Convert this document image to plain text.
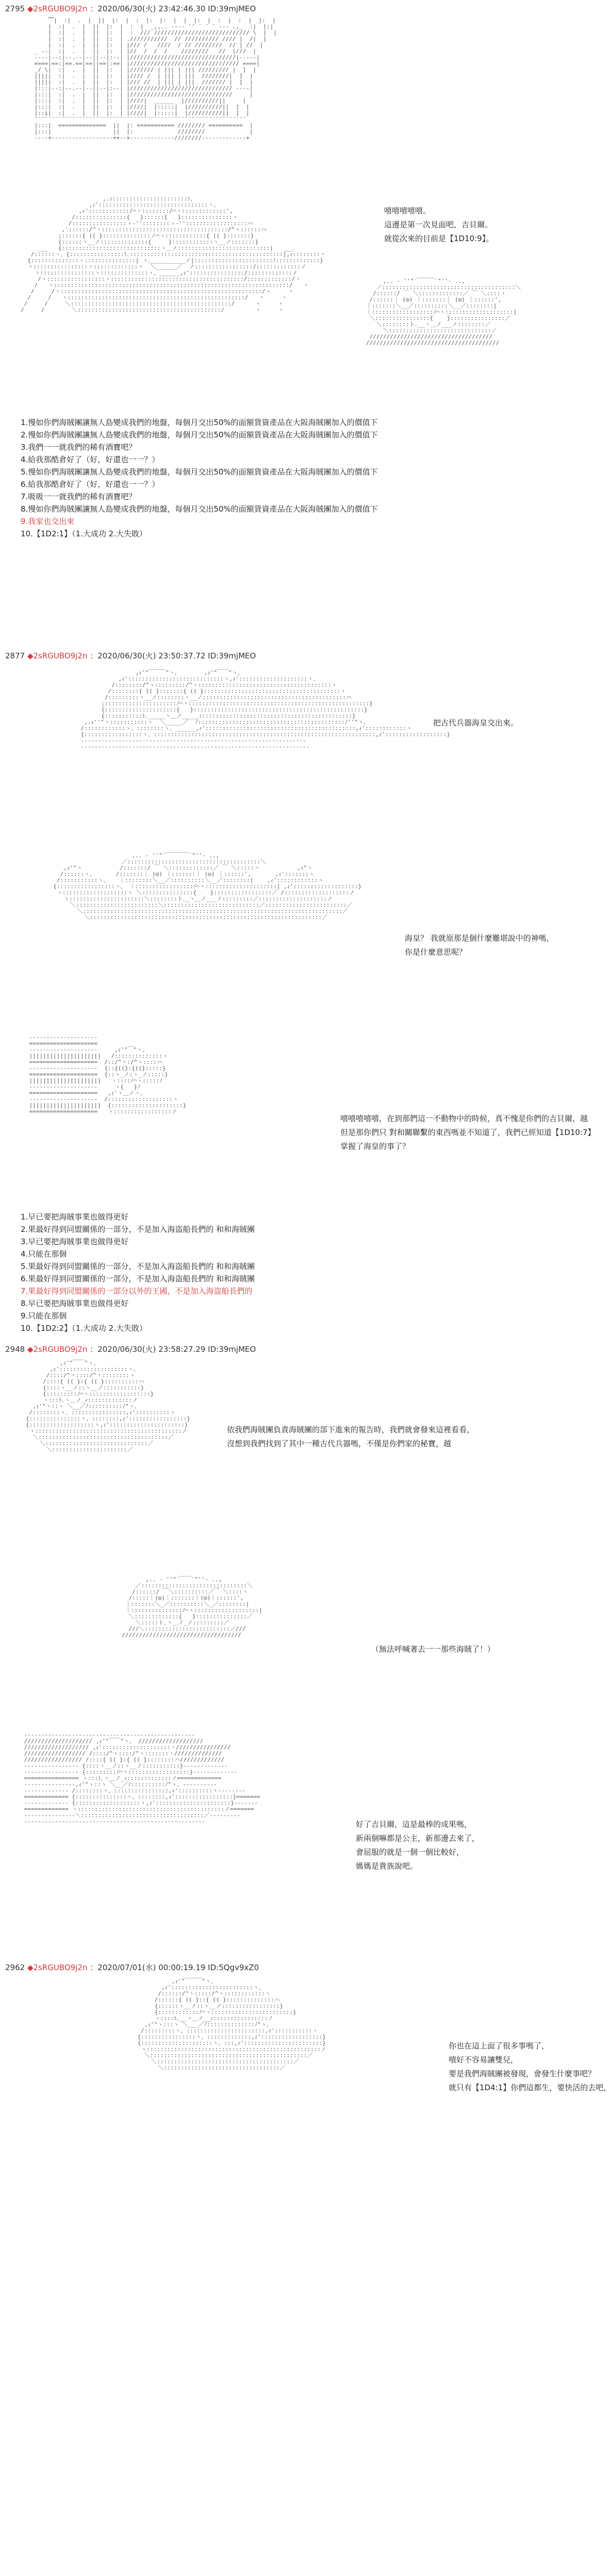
2795 ◆2sRGUBO9j2n ：2020/06/30(火) 23:42:46.30 ID:39mjMEO
⎺|  :|  .  |  ||  |:  |  :  |:  |:  |  |  |:  |  :  |  :  |  |:  |
|  :|  .  |  ||  |:  |  :  |  _,,.. --‐‐ '' ¨ ¨ ¨ ‐‐- .,_  :|  |:|
|  :|  .  |  ||  |:  |  :  /// //////////////////////////// \  |  |
|  :|  .  |  ||  |:  | .///////////  // ////////// //// |  /|  |
|  :|  .  |  ||  |:  | |/// /   ////  / // ////////  // | //  |
_ -‐|  :|  .  |  ||  |:  | |//  /  /  /    ////////   //  |///  |
---‐|‐‐:|‐‐.‐‐|‐‐||‐‐|:‐‐| |///////////////////////////////|‐‐‐‐‐|
====|==:|==.==|==||==|:==| |//////////////////////////////// ====|
_/ \|  :|  .  |  ||  |:  | |/////// | ||| | ||| ///////// |  ]  |
|||||  :|  .  |  ||  |:  | |//// /  | ||| | |||  ////////|  ]  |
|||||  :|  .  |  ||  |:  | |/// //  | ||| | |||  /////// |  ]  |
|:::|‐‐:|‐‐.‐‐|‐‐||‐‐|:‐‐| |////////////////////////////// ‐‐‐‐|
|:::|  :|  .  |  ||  |:  | |//////////////////////////////     |
|:::|  :|  .  |  ||  |:  | |////|  ______  |//////////||     |
|:::|  :|  .  |  ||  |:  | |////|  |:::::|  |//////////||  ]  |
|::i|  :|  .  |  ||  |:  | |////|  |:::::|  |//////////||  ]  |
¨¨¨¨¨¨¨¨¨¨¨¨¨¨¨¨¨¨¨¨¨¨¨¨¨¨¨¨¨¨¨¨¨¨¨¨¨¨¨¨¨¨¨¨¨¨¨¨¨¨¨¨¨¨¨¨¨¨¨¨¨¨
|:::|  ==============  ||  |: =========== //////// ==========  |
|:::|                  ||  |:             ////////             |
‐‐‐‐+‐‐‐‐‐‐‐‐‐‐‐‐‐‐‐‐‐‐++‐‐+‐‐‐‐‐‐‐‐‐‐‐‐‐////////‐‐‐‐‐‐‐‐‐‐‐‐‐+

,.ｨ::::::::::::::::::::::ｧ、
,ｨ'::::::::::::::::::::::::::::::::ヽ、
,ｨ'::::::::::::/⌒ヽ::::::::/⌒ヽ:::::::::::::',
/:::::::::::::::{   }::::::{   }:::::::::::::::ヽ
/::::::::::::::::ゝ‐''::::::::ゝ‐''::::::::::::::::::ハ
,'::::::/^ヽ:::::::::::::::::::::::::::::::::::::/^ヽ::::::ハ
;::::::{ (( }::::::::::::::ノ⌒ヽ::::::::::::{ (( }:::::::}
{::::::ヽ__ノ::::::::::::::{     }::::::::::::ヽ__ノ:::::::}
___   {:::::::::::::::::::::::::::::ヽ＿ノ:::::::::::::::::::::::::::|   ___
/::::::ヽ、{::::::::::::::::ﾄ､::::::::::::::::::::::ｨ::::::::::::::::::::::|,ｨ::::::::ヽ
{::::::::::::::ヽ:::::::::::::::| ヽ､__________ノ|:::::::::::::::::::::::ﾉ:::::::::::::}
ヽ::::::::::::::::ヽ:::::::::::::ヽ  ＼______／  ノ:::::::::::::::::/:::::::::::::ノ
ヽ::::::::::::::::ヽ::::::::::::::ヽ、______,ｨ'::::::::::::::::/:::::::::::::ノ
/ヽ:::::::::::::::::ヽ:::::::::::::::::::::::::::::::::::::::/:::::::::::::/ヽ
/   ヽ:::::::::::::::::::::::::::::::::::::::::::::::::::::::::::::::::::::/   ヽ
/     /ヽ:::::::::::::::::::::::::::::::::::::::::::::::::::::::::::/ヽ     ヽ
/     /   ヽ::::::::::::::::::::::::::::::::::::::::::::::::::::/   ヽ     ヽ
/     /     ＼:::::::::::::::::::::::::::::::::::::::::::::::/      ヽ     ヽ
/     /        ＼::::::::::::::::::::::::::::::::::::::::::/         ヽ     ヽ

,.. ‐ ''"´￣￣￣`"''‐ ..,
／:::::::::::::::::::::::::::::::::::::::＼
/::::::/ ￣ ＼:::::::::::::／ ￣ ＼::::ヽ
/::::::｜ (◎) ｜:::::::｜ (◎) ｜::::::',
｜:::::::＼__／::::::::::＼__／::::::::|
｜::::::::::::::::::ﾉ⌒ヽ::::::::::::::::::::|
＼::::::::::::::::{    }::::::::::::::::／
＼::::::::ト､__ヽ＿ノ___ノ::::::::／
＼::::::::::::::::::::::::::::::／
////////////////////////////////////
///////////////////////////////////////

嘻嘻嘻嘻嘻。
這邊是第一次見面吧，吉貝爾。
就從次來的目前是【1D10:9】。
1.慢如你們海賊團讓無人島變成我們的地盤，每個月交出50%的面額貨資產品在大阪海賊團加入的價值下
2.慢如你們海賊團讓無人島變成我們的地盤，每個月交出50%的面額貨資產品在大阪海賊團加入的價值下
3.我們一一就我們的稀有酒寶吧？
4.給我那酷倉好了（好，好還也一一？）
5.慢如你們海賊團讓無人島變成我們的地盤，每個月交出50%的面額貨資產品在大阪海賊團加入的價值下
6.給我那酷倉好了（好，好還也一一？）
7.吸吸一一就我們的稀有酒寶吧？
8.慢如你們海賊團讓無人島變成我們的地盤，每個月交出50%的面額貨資產品在大阪海賊團加入的價值下
9.我家也交出來
10.【1D2:1】（1.大成功 2.大失敗）
2877 ◆2sRGUBO9j2n ：2020/06/30(火) 23:50:37.72 ID:39mjMEO
,ｨ'"￣￣￣"ヽ、       ,ｨ'"￣￣"ヽ、
,ｨ'::::::::::::::::::::::::::::ヽ,ｨ'::::::::::::::::::::ヽ、
/::::::::/^ヽ:::::::::/^ヽ:::::::::::::::::::::::::::::::::::::::ヽ
/::::::::{ (( }:::::::{ (( }::::::::::::::::::::::::::::::::::::::::ヽ
/:::::::::ヽ__ノ::::::::ヽ__ノ::::::::::::::::::::::::::::::::::::::::::ハ
;:::::::::::::::::::::ﾉ⌒ヽ:::::::::::::::::::::::::::::::::::::::::::::::::::::}
{:::::::::::::::::::::{   }::::::::::::::::::::::::::::::::::::::::::::::::::}
{:::::::::::ﾄ､_____ヽ＿ノ_____ｨ::::::::::::::::::::::::::::::::::::::::::::}
,.ｨ''"ヽ:::::::::::ヽ  ＼_____／  ﾉ:::::::::::::::::::::::::::::::::::::::::::ﾉ''"ヽ、
/::::::::::::ヽ、::::::::ヽ、______,ｨ'::::::::::::::::::::::::::::::::::::::::::::,ｨ'::::::::::::ヽ
{:::::::::::::::::ヽ、:::::::::::::::::::::::::::::::::::::::::::::::::::::::::::::::::,ｨ'::::::::::::::::::}
‐‐‐‐‐‐‐‐‐‐‐‐‐‐‐‐‐‐‐‐‐‐‐‐‐‐‐‐‐‐‐‐‐‐‐‐‐‐‐‐‐‐‐‐‐‐‐‐‐‐‐‐‐‐‐‐‐‐‐‐‐‐‐‐‐‐
‐‐‐‐‐‐‐‐‐‐‐‐‐‐‐‐‐‐‐‐‐‐‐‐‐‐‐‐‐‐‐‐‐‐‐‐‐‐‐‐‐‐‐‐‐‐‐‐‐‐‐‐‐‐‐‐‐‐‐‐‐‐‐‐‐‐‐

把古代兵器海皇交出來。
,.. ‐ ''"´￣￣￣￣`"''‐ ..,
／:::::::::::::::::::::::::::::::::::::::＼
,ｨ'"ヽ           /:::::::/ ￣ ＼:::::::::::::／ ￣ ＼:::::ヽ           ,ｨ"ヽ
/::::::ヽ、      /:::::::｜ (◎) ｜:::::::｜ (◎) ｜::::::',       ,ｨ':::::::ヽ
/:::::::::::ヽ、   ｜::::::::＼__／::::::::::＼__／::::::::|    ,ｨ'::::::::::::ヽ
{:::::::::::::::::ヽ、 ｜:::::::::::::::::ﾉ⌒ヽ:::::::::::::::::::::| ,ｨ':::::::::::::::::::}
ヽ:::::::::::::::::::ヽ ＼:::::::::::::::{    }:::::::::::::::::／ /:::::::::::::::::::ノ
ヽ::::::::::::::::::::::＼::::::::ト､_ヽ＿ノ___ノ:::::::::／::::::::::::::::::::ノ
＼::::::::::::::::::::::::＼::::::::::::::::::::::::::::／::::::::::::::::::::::::／
＼::::::::::::::::::::::::::::::::::::::::::::::::::::::::::::::::::::::::::::／
＼::::::::::::::::::::::::::::::::::::::::::::::::::::::::::::::::::::／

海皇？ 我就原那是個什麼難堪說中的神嗎，
你是什麼意思呢？
‐‐‐‐‐‐‐‐‐‐‐‐‐‐‐‐‐‐‐‐
====================
‐‐‐‐‐‐‐‐‐‐‐‐‐‐‐‐‐‐‐‐     ,ｨ'"￣"ヽ、
|||||||||||||||||||||   /::::::::::::::ヽ
====================  /::/^ヽ:/^ヽ::::ハ
‐‐‐‐‐‐‐‐‐‐‐‐‐‐‐‐‐‐‐‐  {::{((}:{((}:::::}
====================  {::ヽ_ノ:ヽ_ノ:::::}
|||||||||||||||||||||   ヽ::::ﾉ⌒ヽ:::::ﾉ
‐‐‐‐‐‐‐‐‐‐‐‐‐‐‐‐‐‐‐‐     ヽ{   }ﾉ
====================   ,ｨ'ヽ＿ノヽ、
‐‐‐‐‐‐‐‐‐‐‐‐‐‐‐‐‐‐‐‐  /:::::::::::::::::::ヽ
|||||||||||||||||||||  {:::::::::::::::::::::}
====================   ヽ:::::::::::::::::ノ

嘻嘻嘻嘻嘻，在到那們這一不動物中的時候，真不愧是你們的吉貝爾，越
但是那你們只 對和關聯繫的東西嗎並不知道了，我們已經知道【1D10:7】
掌握了海皇的事了？
1.早已要把海賊事業也做得更好
2.果最好得到同盟關係的一部分，不是加入海盗船長們的 和和海賊團
3.早已要把海賊事業也做得更好
4.只能在那個
5.果最好得到同盟關係的一部分，不是加入海盗船長們的 和和海賊團
6.果最好得到同盟關係的一部分，不是加入海盗船長們的 和和海賊團
7.果最好得到同盟關係的一部分以外的王國，不是加入海盗船長們的
8.早已要把海賊事業也做得更好
9.只能在那個
10.【1D2:2】（1.大成功 2.大失敗）
2948 ◆2sRGUBO9j2n ：2020/06/30(火) 23:58:27.29 ID:39mjMEO
,ｨ'"￣￣"ヽ、
,ｨ'::::::::::::::::::::ヽ、
/::::/^ヽ::::/^ヽ::::::::ヽ
/::::{ (( }:{ (( }::::::::::ハ
{::::ヽ__ノ::ヽ__ノ:::::::::::}
{:::::::::ﾉ⌒ヽ::::::::::::::::::}
ヽ:::ﾄ､ヽ＿ノ_ｨ:::::::::::::ノ
,ｨ'"ヽ::ヽ ＼__／ﾉ::::::::::ﾉ"ヽ、
/::::::::ヽ、::::::::::::::::,ｨ'::::::::::ヽ
{:::::::::::::::ヽ、::::::::,ｨ':::::::::::::::::}
{:::::::::::::::::::ヽ,ｨ'::::::::::::::::::::::}
ヽ:::::::::::::::::::::::::::::::::::::::::::ノ
＼::::::::::::::::::::::::::::::::::::::／
＼::::::::::::::::::::::::::::::／
＼::::::::::::::::::::::／

依我們海賊團負責海賊團的部下進來的報告時，我們就會發來這裡看看，
沒想到我們找到了其中一種古代兵器嗎，不僅是你們家的秘寶，越
,.. ‐ ''"´￣￣`"''‐ ..,
／:::::::::::::::::::::::::::::::＼
/::::::/ ￣＼::::::::::／￣ ＼::::ヽ
/:::::｜(◎)｜:::::::｜(◎)｜::::::',
｜:::::::＼_／::::::::::＼_／::::::::|
｜:::::::::::::::ﾉ⌒ヽ:::::::::::::::::::|
＼:::::::::::::{   }:::::::::::::::／
＼:::::ト､ヽ＿ノ_ノ:::::::::／
///＼:::::::::::::::::::::::::／///
///////////////////////////////////

（無法呼喊著去一一那些海賊了！）
‐‐‐‐‐‐‐‐‐‐‐‐‐‐‐‐‐‐‐‐‐‐‐‐‐‐‐‐‐‐‐‐‐‐‐‐‐‐‐‐‐‐‐‐‐‐‐‐‐‐
//////////////////// ,ｨ'"￣￣"ヽ、 ///////////////////
/////////////////// ,ｨ'::::::::::::::::::::ヽ////////////////
////////////////// /::::/^ヽ::::/^ヽ:::::::ヽ//////////////
///////////////// /::::{ (( }:{ (( }::::::::ハ/////////////
‐‐‐‐‐‐‐‐‐‐‐‐‐‐‐‐ {::::ヽ__ノ::ヽ__ノ:::::::::::}‐‐‐‐‐‐‐‐‐‐‐‐‐
‐‐‐‐‐‐‐‐‐‐‐‐‐‐‐‐ {:::::::::ﾉ⌒ヽ::::::::::::::::::}‐‐‐‐‐‐‐‐‐‐‐‐‐
================ ヽ:::ﾄ､ヽ＿ノ_ｨ:::::::::::::ノ=============
‐‐‐‐‐‐‐‐‐‐‐‐‐‐‐,ｨ'"ヽ::ヽ ＼__／ﾉ::::::::::ﾉ"ヽ、‐‐‐‐‐‐‐‐‐‐
‐‐‐‐‐‐‐‐‐‐‐‐‐ /::::::::ヽ、::::::::::::::::,ｨ'::::::::::ヽ‐‐‐‐‐‐‐‐
============= {:::::::::::::::ヽ、::::::::,ｨ':::::::::::::::::}=======
‐‐‐‐‐‐‐‐‐‐‐‐‐ {:::::::::::::::::::ヽ,ｨ'::::::::::::::::::::::}‐‐‐‐‐‐‐
============= ヽ:::::::::::::::::::::::::::::::::::::::::::ノ=======
‐‐‐‐‐‐‐‐‐‐‐‐‐‐‐＼::::::::::::::::::::::::::::::::::::／‐‐‐‐‐‐‐‐‐
‐‐‐‐‐‐‐‐‐‐‐‐‐‐‐‐‐‐‐‐‐‐‐‐‐‐‐‐‐‐‐‐‐‐‐‐‐‐‐‐‐‐‐‐‐‐‐‐‐‐‐‐‐	好了吉貝爾，這是最棒的成果嗎，
新兩個嘛都是公主，新那邊去來了，
會屈服的就是一個一個比較好，
媽媽是貴族說吧。
2962 ◆2sRGUBO9j2n ：2020/07/01(水) 00:00:19.19 ID:5Qgv9xZ0
,ｨ'"￣￣￣"ヽ、
,ｨ'::::::::::::::::::::::::ヽ、
/::::::/^ヽ:::::/^ヽ::::::::::::ヽ
/::::::{ (( }::{ (( }::::::::::::::ハ
{::::::ヽ__ノ::ヽ__ノ:::::::::::::::::}
{::::::::::::ﾉ⌒ヽ::::::::::::::::::::::::}
ヽ::::ﾄ､__ヽ＿ノ__ｨ::::::::::::::::ノ
,ｨ'"ヽ:::ヽ ＼___／ﾉ::::::::::::::ﾉ"ヽ、
/:::::::::ヽ、:::::::::::::::::::::::,ｨ':::::::::::ヽ
{::::::::::::::::ヽ、:::::::::::::,ｨ'::::::::::::::::::}
{:::::::::::::::::::::ヽ、:::,ｨ':::::::::::::::::::::::}
ヽ:::::::::::::::::::::::::::::::::::::::::::::::::::ノ
＼::::::::::::::::::::::::::::::::::::::::::::::／
＼::::::::::::::::::::::::::::::::::::::::／
＼::::::::::::::::::::::::::::::::::／

你也在這上面了很多事嗎了，
嘻好不容易讓雙兒，
要是我們海賊團被發現，會發生什麼事吧？
就只有【1D4:1】你們這都生，要快活的去吧，
